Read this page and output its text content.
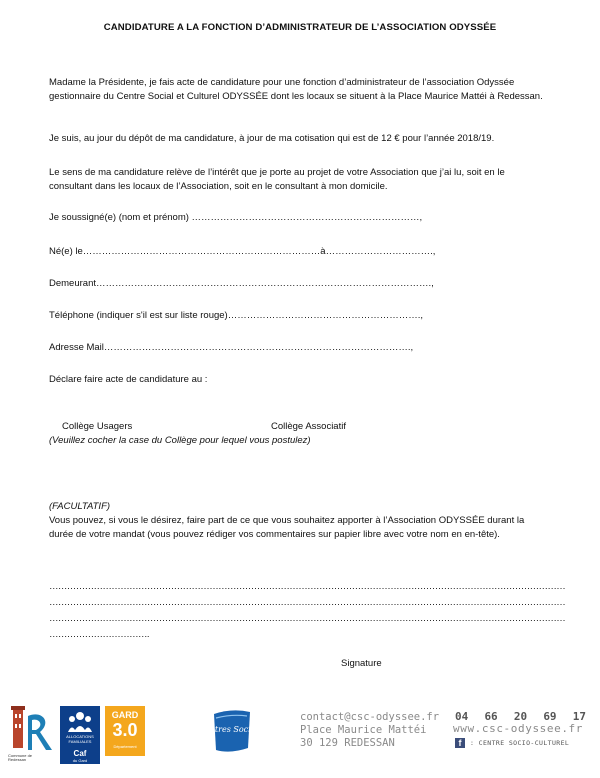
CANDIDATURE A LA FONCTION D’ADMINISTRATEUR DE L’ASSOCIATION ODYSSÉE

Madame la Présidente, je fais acte de candidature pour une fonction d’administrateur de l’association Odyssée gestionnaire du Centre Social et Culturel ODYSSÉE dont les locaux se situent à la Place Maurice Mattéi à Redessan.

Je suis, au jour du dépôt de ma candidature, à jour de ma cotisation qui est de 12 € pour l’année 2018/19.

Le sens de ma candidature relève de l’intérêt que je porte au projet de votre Association que j’ai lu, soit en le consultant dans les locaux de l’Association, soit en le consultant à mon domicile.

Je soussigné(e) (nom et prénom) ………………………………………………………………,
Né(e) le…………………………………………………………………à…………………………….,
Demeurant…………………………………………………………………………………………….,
Téléphone (indiquer s'il est sur liste rouge)…………………………………………………….,
Adresse Mail…………………………………………………………………………………….,
Déclare faire acte de candidature au :
Collège Usagers	Collège Associatif
(Veuillez cocher la case du Collège pour lequel vous postulez)
(FACULTATIF)

Vous pouvez, si vous le désirez, faire part de ce que vous souhaitez apporter à l’Association ODYSSÉE durant la durée de votre mandat (vous pouvez rédiger vos commentaires sur papier libre avec votre nom en en-tête).

…………………………………………………………………………………………………………………………………………………………
…………………………………………………………………………………………………………………………………………………………
…………………………………………………………………………………………………………………………………………………………
…………………………….
Signature
Commune de Redessan
ALLOCATIONS FAMILIALES
Caf
du Gard
GARD
3.0
Département
Centres Sociaux
contact@csc-odyssee.fr
Place Maurice Mattéi
30 129 REDESSAN
04 66 20 69 17
www.csc-odyssee.fr
f	: CENTRE SOCIO-CULTUREL
